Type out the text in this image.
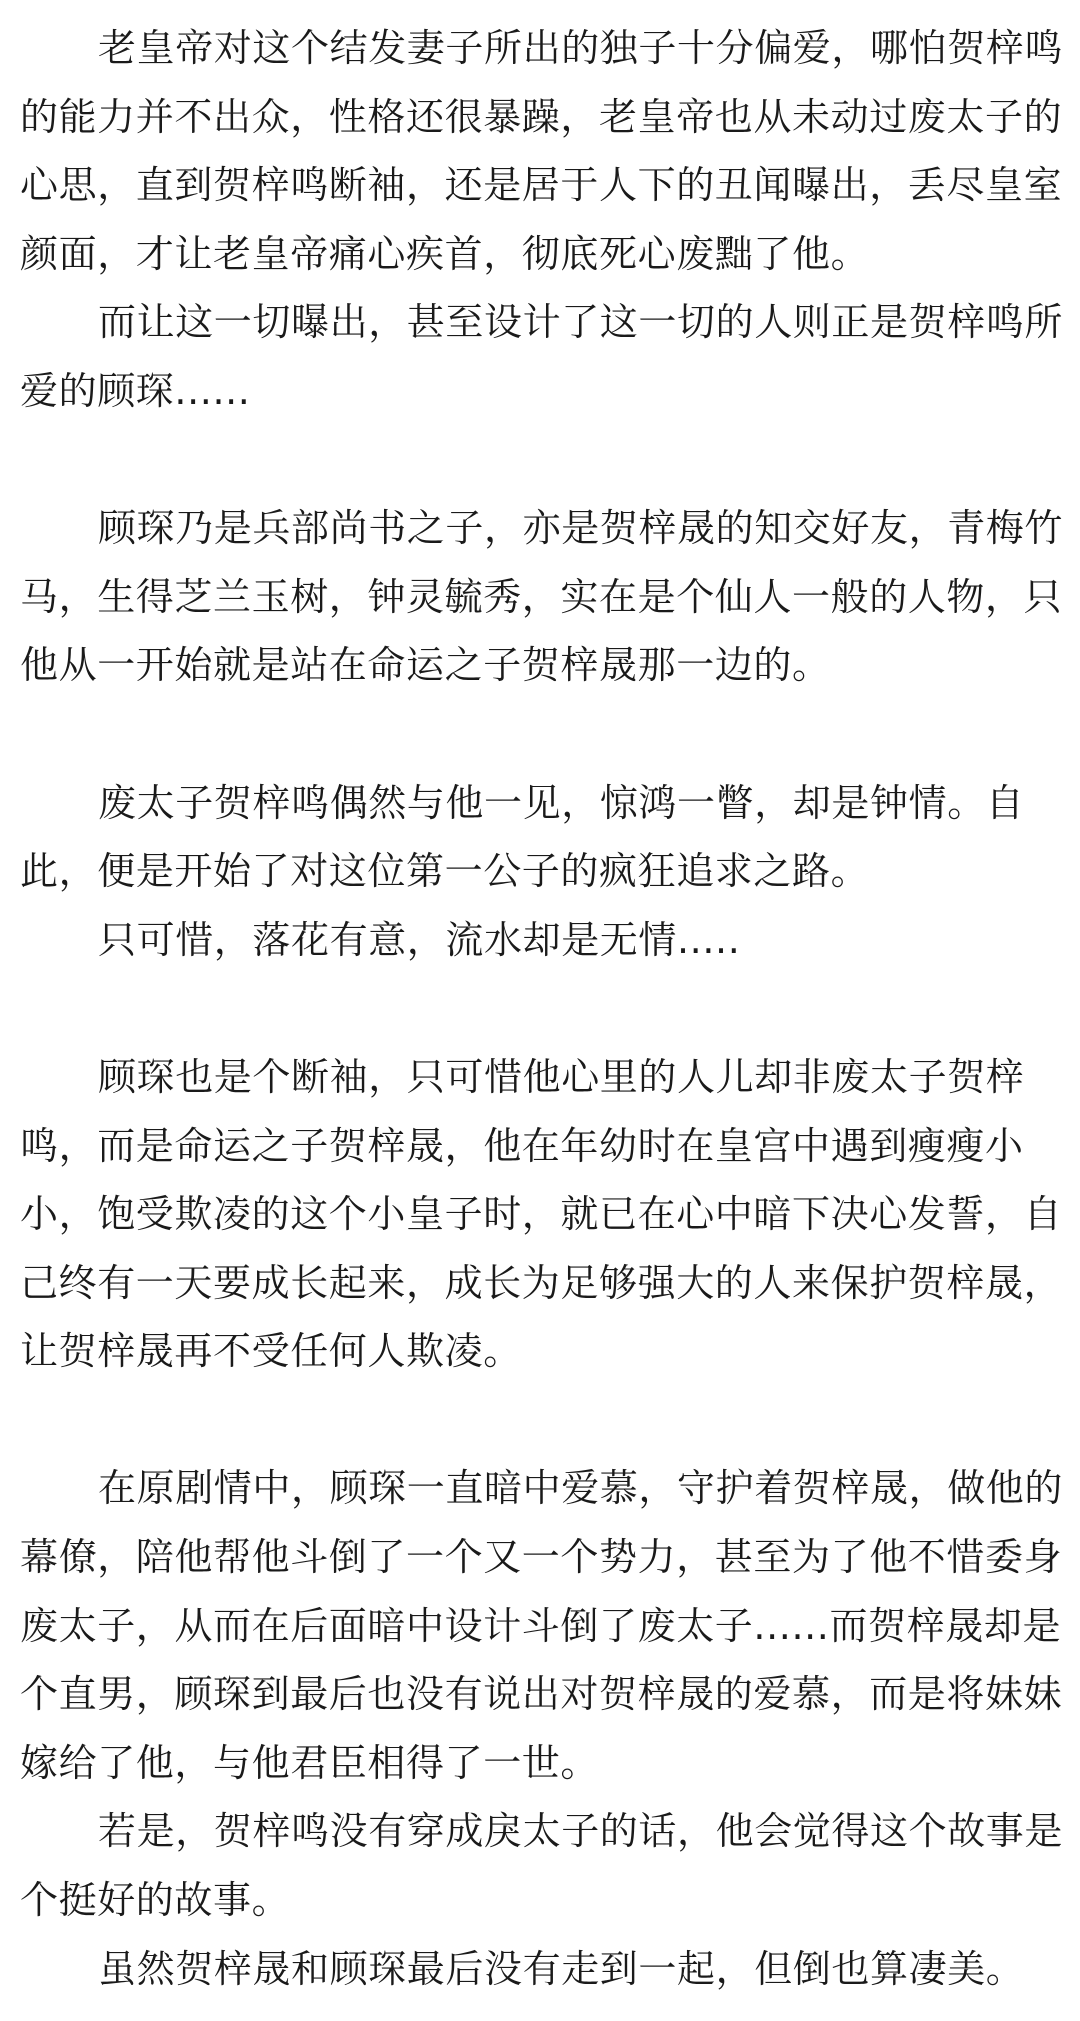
老皇帝对这个结发妻子所出的独子十分偏爱，哪怕贺梓鸣的能力并不出众，性格还很暴躁，老皇帝也从未动过废太子的心思，直到贺梓鸣断袖，还是居于人下的丑闻曝出，丢尽皇室颜面，才让老皇帝痛心疾首，彻底死心废黜了他。

而让这一切曝出，甚至设计了这一切的人则正是贺梓鸣所爱的顾琛......

顾琛乃是兵部尚书之子，亦是贺梓晟的知交好友，青梅竹马，生得芝兰玉树，钟灵毓秀，实在是个仙人一般的人物，只他从一开始就是站在命运之子贺梓晟那一边的。

废太子贺梓鸣偶然与他一见，惊鸿一瞥，却是钟情。自此，便是开始了对这位第一公子的疯狂追求之路。

只可惜，落花有意，流水却是无情.....

顾琛也是个断袖，只可惜他心里的人儿却非废太子贺梓鸣，而是命运之子贺梓晟，他在年幼时在皇宫中遇到瘦瘦小小，饱受欺凌的这个小皇子时，就已在心中暗下决心发誓，自己终有一天要成长起来，成长为足够强大的人来保护贺梓晟，让贺梓晟再不受任何人欺凌。

在原剧情中，顾琛一直暗中爱慕，守护着贺梓晟，做他的幕僚，陪他帮他斗倒了一个又一个势力，甚至为了他不惜委身废太子，从而在后面暗中设计斗倒了废太子......而贺梓晟却是个直男，顾琛到最后也没有说出对贺梓晟的爱慕，而是将妹妹嫁给了他，与他君臣相得了一世。

若是，贺梓鸣没有穿成戾太子的话，他会觉得这个故事是个挺好的故事。

虽然贺梓晟和顾琛最后没有走到一起，但倒也算凄美。
